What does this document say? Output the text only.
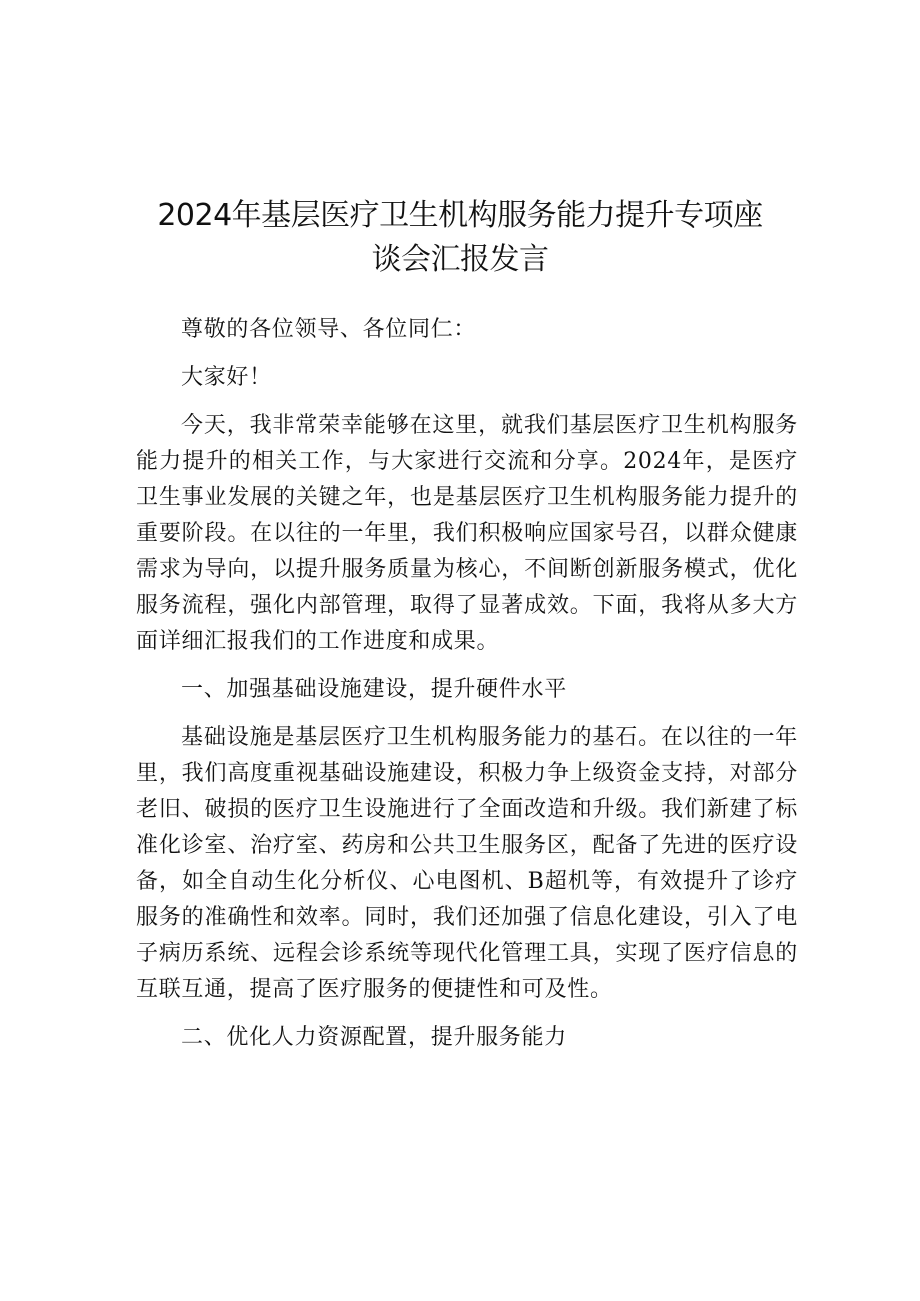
2024年基层医疗卫生机构服务能力提升专项座
谈会汇报发言

尊敬的各位领导、各位同仁：

大家好！

今天，我非常荣幸能够在这里，就我们基层医疗卫生机构服务能力提升的相关工作，与大家进行交流和分享。2024年，是医疗卫生事业发展的关键之年，也是基层医疗卫生机构服务能力提升的重要阶段。在以往的一年里，我们积极响应国家号召，以群众健康需求为导向，以提升服务质量为核心，不间断创新服务模式，优化服务流程，强化内部管理，取得了显著成效。下面，我将从多大方面详细汇报我们的工作进度和成果。

一、加强基础设施建设，提升硬件水平

基础设施是基层医疗卫生机构服务能力的基石。在以往的一年里，我们高度重视基础设施建设，积极力争上级资金支持，对部分老旧、破损的医疗卫生设施进行了全面改造和升级。我们新建了标准化诊室、治疗室、药房和公共卫生服务区，配备了先进的医疗设备，如全自动生化分析仪、心电图机、B超机等，有效提升了诊疗服务的准确性和效率。同时，我们还加强了信息化建设，引入了电子病历系统、远程会诊系统等现代化管理工具，实现了医疗信息的互联互通，提高了医疗服务的便捷性和可及性。

二、优化人力资源配置，提升服务能力
